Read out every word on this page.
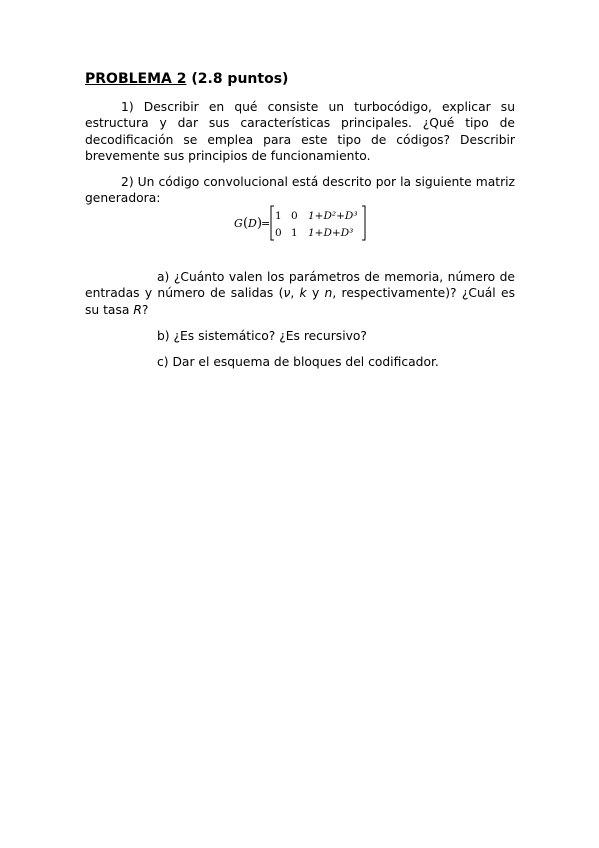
PROBLEMA 2 (2.8 puntos)
1) Describir en qué consiste un turbocódigo, explicar su estructura y dar sus características principales. ¿Qué tipo de decodificación se emplea para este tipo de códigos? Describir brevemente sus principios de funcionamiento.
2) Un código convolucional está descrito por la siguiente matriz generadora:
G ( D )
=
1 0 1+D²+D³
0 1 1+D+D³
a) ¿Cuánto valen los parámetros de memoria, número de entradas y número de salidas (ν, k y n, respectivamente)? ¿Cuál es su tasa R?
b) ¿Es sistemático? ¿Es recursivo?
c) Dar el esquema de bloques del codificador.
